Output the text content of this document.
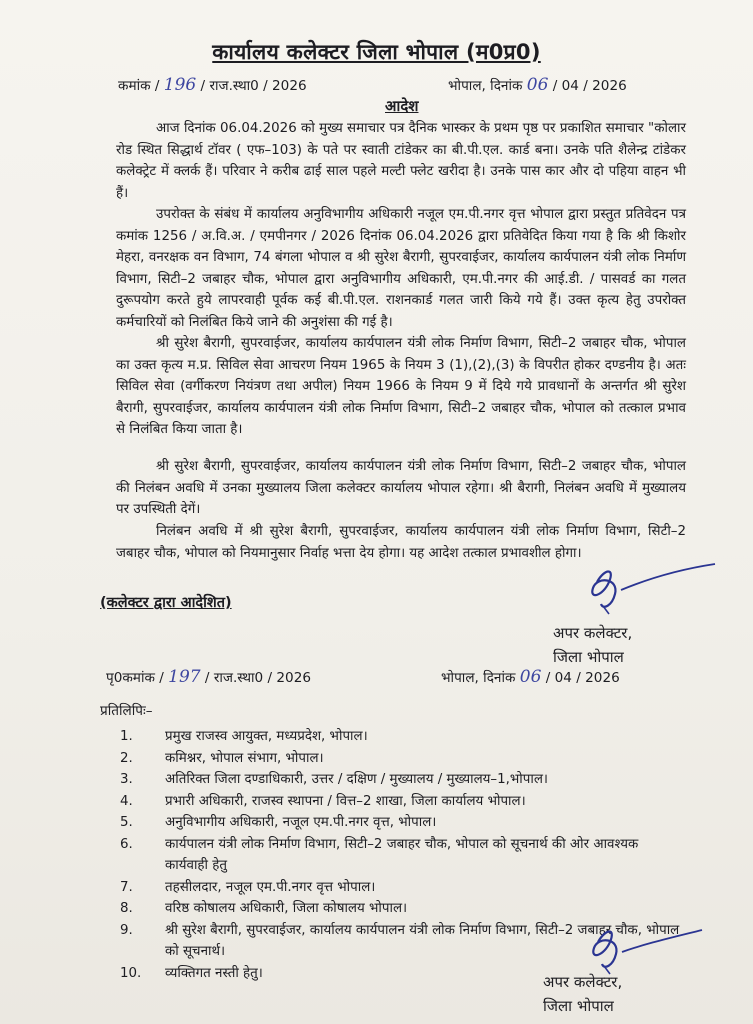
कार्यालय कलेक्टर जिला भोपाल (म0प्र0)
कमांक / 196 / राज.स्था0 / 2026	भोपाल, दिनांक 06 / 04 / 2026
आदेश
आज दिनांक 06.04.2026 को मुख्य समाचार पत्र दैनिक भास्कर के प्रथम पृष्ठ पर प्रकाशित समाचार "कोलार रोड स्थित सिद्धार्थ टॉवर ( एफ–103) के पते पर स्वाती टांडेकर का बी.पी.एल. कार्ड बना। उनके पति शैलेन्द्र टांडेकर कलेक्ट्रेट में क्लर्क हैं। परिवार ने करीब ढाई साल पहले मल्टी फ्लेट खरीदा है। उनके पास कार और दो पहिया वाहन भी हैं।
उपरोक्त के संबंध में कार्यालय अनुविभागीय अधिकारी नजूल एम.पी.नगर वृत्त भोपाल द्वारा प्रस्तुत प्रतिवेदन पत्र कमांक 1256 / अ.वि.अ. / एमपीनगर / 2026 दिनांक 06.04.2026 द्वारा प्रतिवेदित किया गया है कि श्री किशोर मेहरा, वनरक्षक वन विभाग, 74 बंगला भोपाल व श्री सुरेश बैरागी, सुपरवाईजर, कार्यालय कार्यपालन यंत्री लोक निर्माण विभाग, सिटी–2 जबाहर चौक, भोपाल द्वारा अनुविभागीय अधिकारी, एम.पी.नगर की आई.डी. / पासवर्ड का गलत दुरूपयोग करते हुये लापरवाही पूर्वक कई बी.पी.एल. राशनकार्ड गलत जारी किये गये हैं। उक्त कृत्य हेतु उपरोक्त कर्मचारियों को निलंबित किये जाने की अनुशंसा की गई है।
श्री सुरेश बैरागी, सुपरवाईजर, कार्यालय कार्यपालन यंत्री लोक निर्माण विभाग, सिटी–2 जबाहर चौक, भोपाल का उक्त कृत्य म.प्र. सिविल सेवा आचरण नियम 1965 के नियम 3 (1),(2),(3) के विपरीत होकर दण्डनीय है। अतः सिविल सेवा (वर्गीकरण नियंत्रण तथा अपील) नियम 1966 के नियम 9 में दिये गये प्रावधानों के अन्तर्गत श्री सुरेश बैरागी, सुपरवाईजर, कार्यालय कार्यपालन यंत्री लोक निर्माण विभाग, सिटी–2 जबाहर चौक, भोपाल को तत्काल प्रभाव से निलंबित किया जाता है।
श्री सुरेश बैरागी, सुपरवाईजर, कार्यालय कार्यपालन यंत्री लोक निर्माण विभाग, सिटी–2 जबाहर चौक, भोपाल की निलंबन अवधि में उनका मुख्यालय जिला कलेक्टर कार्यालय भोपाल रहेगा। श्री बैरागी, निलंबन अवधि में मुख्यालय पर उपस्थिती देगें।
निलंबन अवधि में श्री सुरेश बैरागी, सुपरवाईजर, कार्यालय कार्यपालन यंत्री लोक निर्माण विभाग, सिटी–2 जबाहर चौक, भोपाल को नियमानुसार निर्वाह भत्ता देय होगा। यह आदेश तत्काल प्रभावशील होगा।
(कलेक्टर द्वारा आदेशित)
अपर कलेक्टर,
जिला भोपाल
पृ0कमांक / 197 / राज.स्था0 / 2026	भोपाल, दिनांक 06 / 04 / 2026
प्रतिलिपिः–
1.	प्रमुख राजस्व आयुक्त, मध्यप्रदेश, भोपाल।
2.	कमिश्नर, भोपाल संभाग, भोपाल।
3.	अतिरिक्त जिला दण्डाधिकारी, उत्तर / दक्षिण / मुख्यालय / मुख्यालय–1,भोपाल।
4.	प्रभारी अधिकारी, राजस्व स्थापना / वित्त–2 शाखा, जिला कार्यालय भोपाल।
5.	अनुविभागीय अधिकारी, नजूल एम.पी.नगर वृत्त, भोपाल।
6.	कार्यपालन यंत्री लोक निर्माण विभाग, सिटी–2 जबाहर चौक, भोपाल को सूचनार्थ की ओर आवश्यक कार्यवाही हेतु
7.	तहसीलदार, नजूल एम.पी.नगर वृत्त भोपाल।
8.	वरिष्ठ कोषालय अधिकारी, जिला कोषालय भोपाल।
9.	श्री सुरेश बैरागी, सुपरवाईजर, कार्यालय कार्यपालन यंत्री लोक निर्माण विभाग, सिटी–2 जबाहर चौक, भोपाल को सूचनार्थ।
10.	व्यक्तिगत नस्ती हेतु।	अपर कलेक्टर,
जिला भोपाल
